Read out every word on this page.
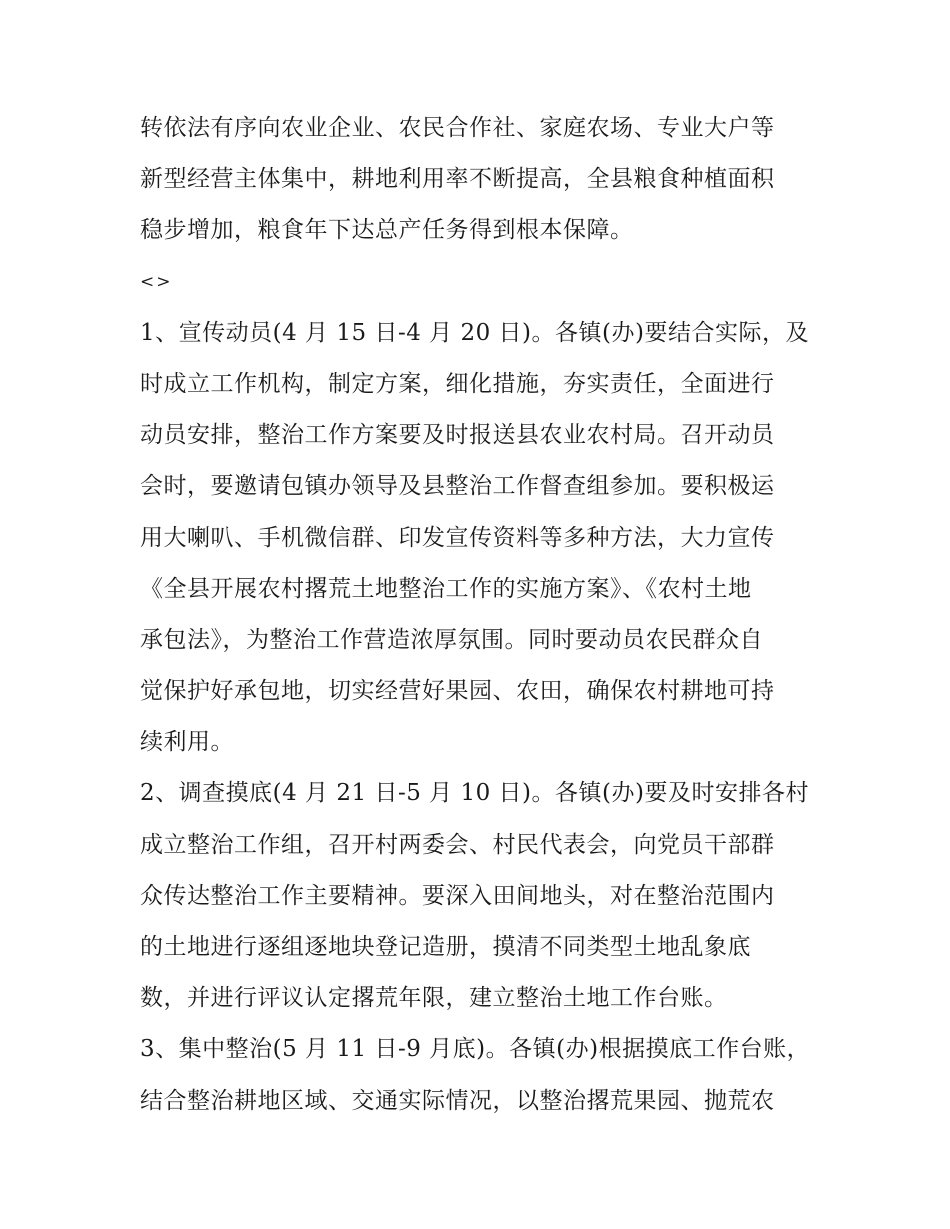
转依法有序向农业企业、农民合作社、家庭农场、专业大户等
新型经营主体集中，耕地利用率不断提高，全县粮食种植面积
稳步增加，粮食年下达总产任务得到根本保障。
<>
1、宣传动员(4 月 15 日-4 月 20 日)。各镇(办)要结合实际，及
时成立工作机构，制定方案，细化措施，夯实责任，全面进行
动员安排，整治工作方案要及时报送县农业农村局。召开动员
会时，要邀请包镇办领导及县整治工作督查组参加。要积极运
用大喇叭、手机微信群、印发宣传资料等多种方法，大力宣传
《全县开展农村撂荒土地整治工作的实施方案》、《农村土地
承包法》，为整治工作营造浓厚氛围。同时要动员农民群众自
觉保护好承包地，切实经营好果园、农田，确保农村耕地可持
续利用。
2、调查摸底(4 月 21 日-5 月 10 日)。各镇(办)要及时安排各村
成立整治工作组，召开村两委会、村民代表会，向党员干部群
众传达整治工作主要精神。要深入田间地头，对在整治范围内
的土地进行逐组逐地块登记造册，摸清不同类型土地乱象底
数，并进行评议认定撂荒年限，建立整治土地工作台账。
3、集中整治(5 月 11 日-9 月底)。各镇(办)根据摸底工作台账，
结合整治耕地区域、交通实际情况，以整治撂荒果园、抛荒农
